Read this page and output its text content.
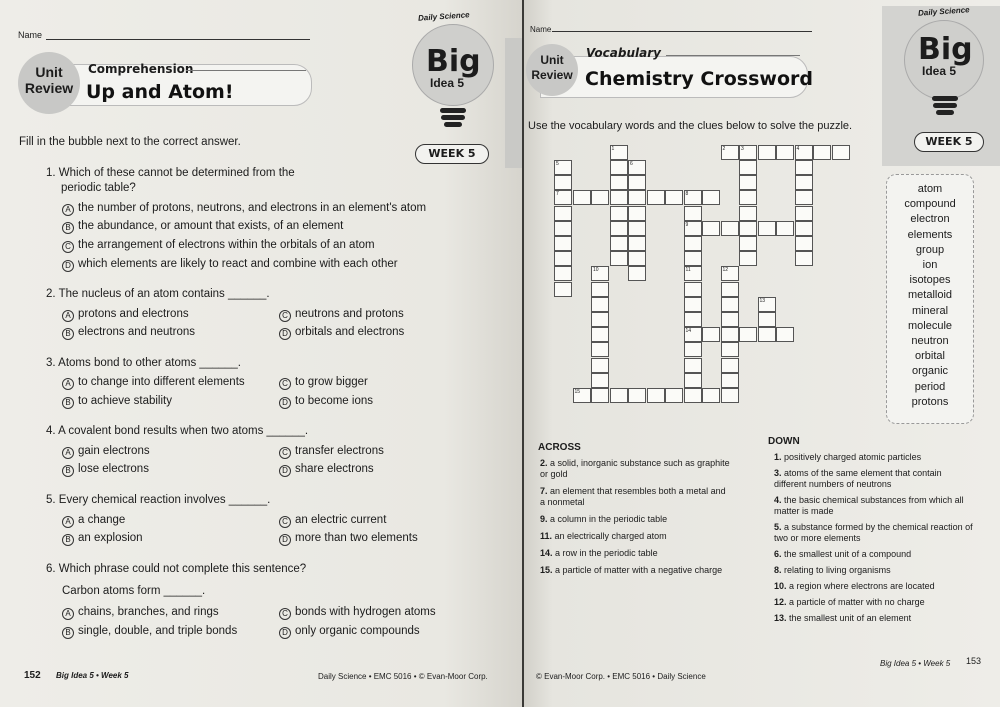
Name
Unit
Review
Comprehension
Up and Atom!
Daily Science
Big
Idea 5
WEEK 5
Fill in the bubble next to the correct answer.
1. Which of these cannot be determined from the
periodic table?
A the number of protons, neutrons, and electrons in an element's atom
B the abundance, or amount that exists, of an element
C the arrangement of electrons within the orbitals of an atom
D which elements are likely to react and combine with each other
2. The nucleus of an atom contains ______.
A protons and electrons
B electrons and neutrons
C neutrons and protons
D orbitals and electrons
3. Atoms bond to other atoms ______.
A to change into different elements
B to achieve stability
C to grow bigger
D to become ions
4. A covalent bond results when two atoms ______.
A gain electrons
B lose electrons
C transfer electrons
D share electrons
5. Every chemical reaction involves ______.
A a change
B an explosion
C an electric current
D more than two elements
6. Which phrase could not complete this sentence?
Carbon atoms form ______.
A chains, branches, and rings
B single, double, and triple bonds
C bonds with hydrogen atoms
D only organic compounds
152 Big Idea 5 • Week 5	Daily Science • EMC 5016 • © Evan-Moor Corp.
Name
Unit
Review
Vocabulary
Chemistry Crossword
Daily Science
Big
Idea 5
WEEK 5
Use the vocabulary words and the clues below to solve the puzzle.
1	2	3	4
5	6
7	8
9
10	11	12
13
14
15
atom
compound
electron
elements
group
ion
isotopes
metalloid
mineral
molecule
neutron
orbital
organic
period
protons
ACROSS
DOWN
2. a solid, inorganic substance such as graphite or gold
7. an element that resembles both a metal and a nonmetal
9. a column in the periodic table
11. an electrically charged atom
14. a row in the periodic table
15. a particle of matter with a negative charge
1. positively charged atomic particles
3. atoms of the same element that contain different numbers of neutrons
4. the basic chemical substances from which all matter is made
5. a substance formed by the chemical reaction of two or more elements
6. the smallest unit of a compound
8. relating to living organisms
10. a region where electrons are located
12. a particle of matter with no charge
13. the smallest unit of an element
© Evan-Moor Corp. • EMC 5016 • Daily Science
Big Idea 5 • Week 5 153
